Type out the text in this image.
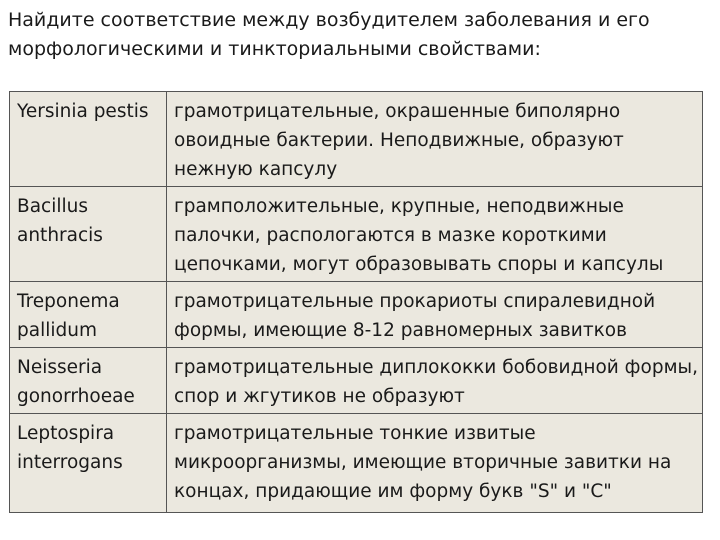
Найдите соответствие между возбудителем заболевания и его морфологическими и тинкториальными свойствами:
Yersinia pestis	грамотрицательные, окрашенные биполярно овоидные бактерии. Неподвижные, образуют нежную капсулу
Bacillus anthracis	грамположительные, крупные, неподвижные палочки, распологаются в мазке короткими цепочками, могут образовывать споры и капсулы
Treponema pallidum	грамотрицательные прокариоты спиралевидной формы, имеющие 8-12 равномерных завитков
Neisseria gonorrhoeae	грамотрицательные диплококки бобовидной формы, спор и жгутиков не образуют
Leptospira interrogans	грамотрицательные тонкие извитые микроорганизмы, имеющие вторичные завитки на концах, придающие им форму букв "S" и "C"
